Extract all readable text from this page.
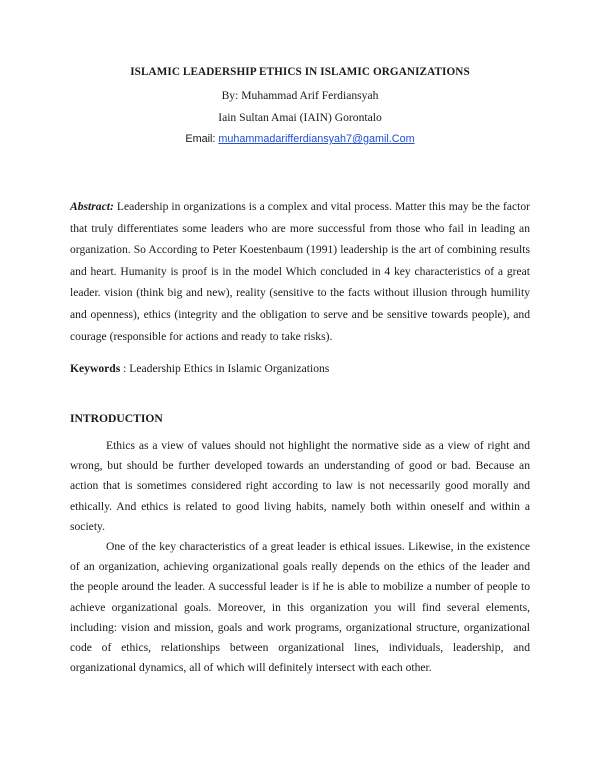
ISLAMIC LEADERSHIP ETHICS IN ISLAMIC ORGANIZATIONS
By: Muhammad Arif Ferdiansyah
Iain Sultan Amai (IAIN) Gorontalo
Email: muhammadarifferdiansyah7@gamil.Com
Abstract: Leadership in organizations is a complex and vital process. Matter this may be the factor that truly differentiates some leaders who are more successful from those who fail in leading an organization. So According to Peter Koestenbaum (1991) leadership is the art of combining results and heart. Humanity is proof is in the model Which concluded in 4 key characteristics of a great leader. vision (think big and new), reality (sensitive to the facts without illusion through humility and openness), ethics (integrity and the obligation to serve and be sensitive towards people), and courage (responsible for actions and ready to take risks).
Keywords : Leadership Ethics in Islamic Organizations
INTRODUCTION

Ethics as a view of values should not highlight the normative side as a view of right and wrong, but should be further developed towards an understanding of good or bad. Because an action that is sometimes considered right according to law is not necessarily good morally and ethically. And ethics is related to good living habits, namely both within oneself and within a society.

One of the key characteristics of a great leader is ethical issues. Likewise, in the existence of an organization, achieving organizational goals really depends on the ethics of the leader and the people around the leader. A successful leader is if he is able to mobilize a number of people to achieve organizational goals. Moreover, in this organization you will find several elements, including: vision and mission, goals and work programs, organizational structure, organizational code of ethics, relationships between organizational lines, individuals, leadership, and organizational dynamics, all of which will definitely intersect with each other.
